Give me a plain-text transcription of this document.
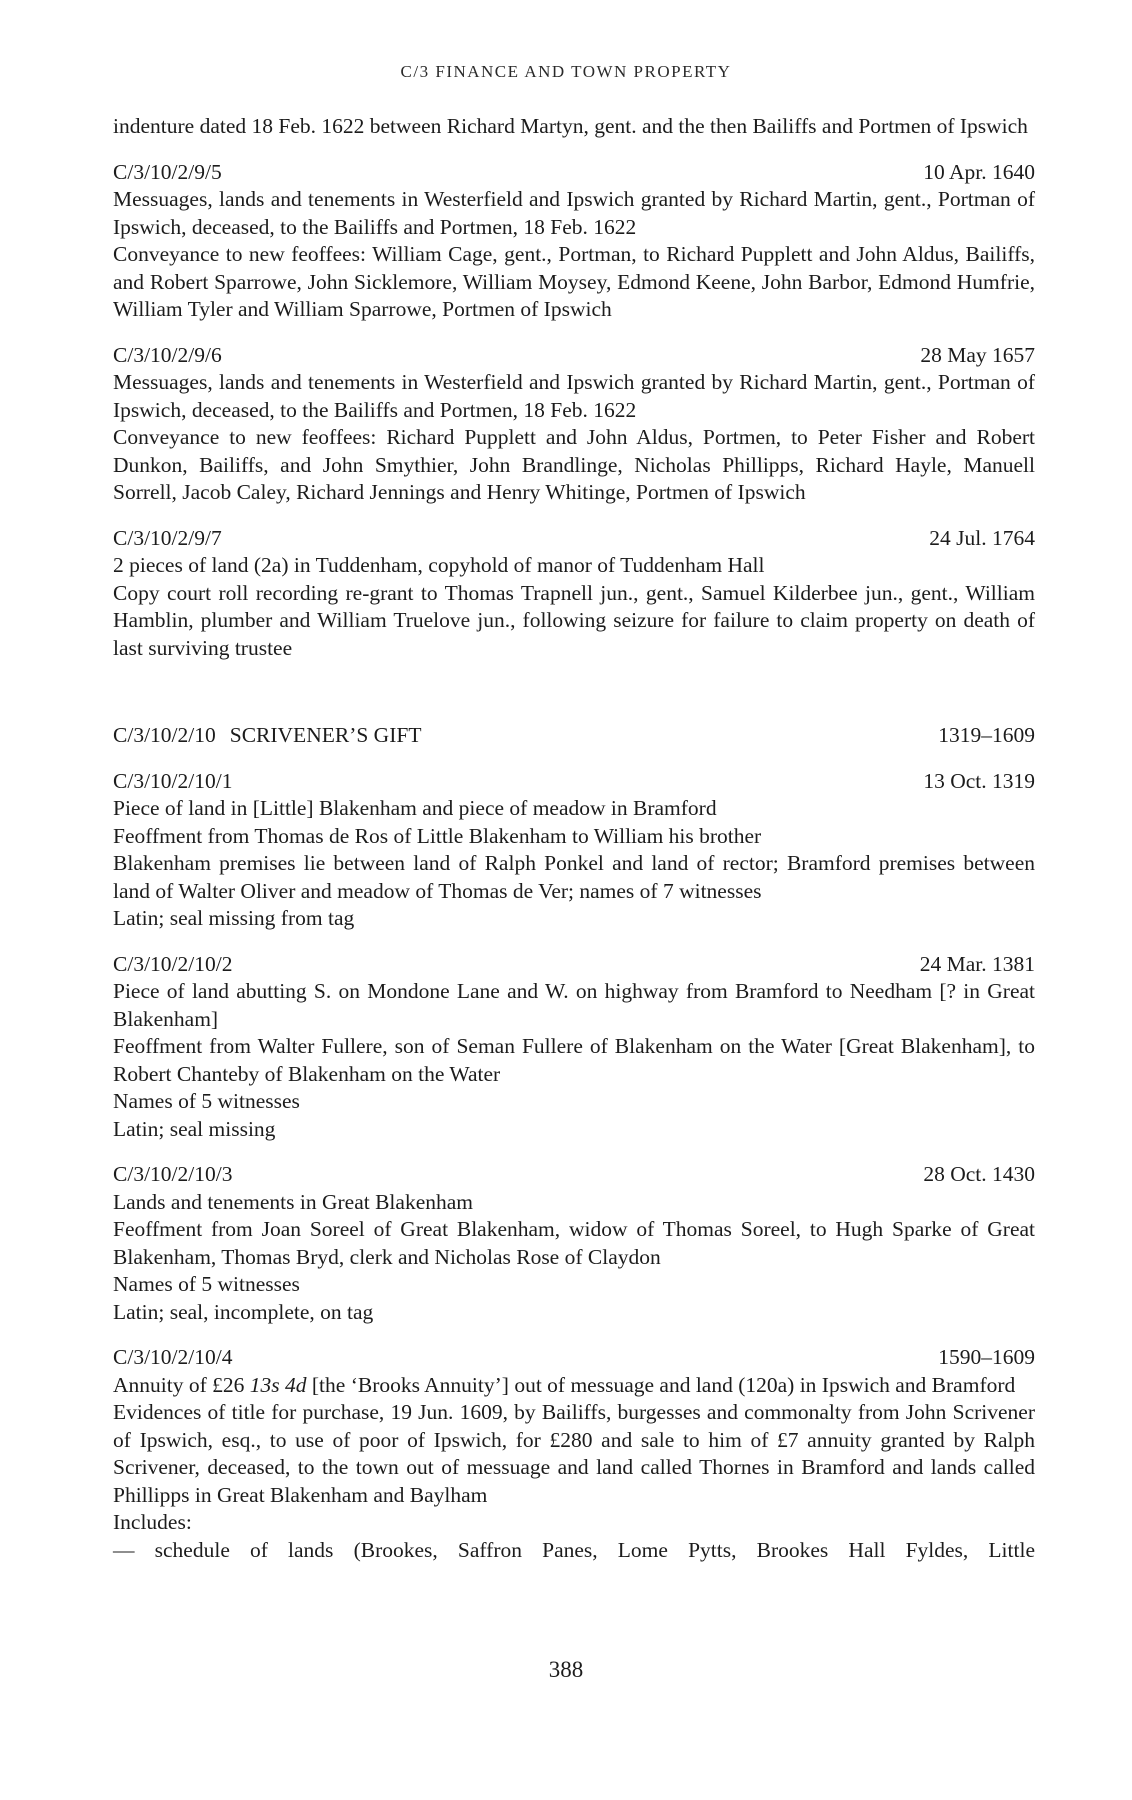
C/3 FINANCE AND TOWN PROPERTY

indenture dated 18 Feb. 1622 between Richard Martyn, gent. and the then Bailiffs and Portmen of Ipswich

C/3/10/2/9/5	10 Apr. 1640

Messuages, lands and tenements in Westerfield and Ipswich granted by Richard Martin, gent., Portman of Ipswich, deceased, to the Bailiffs and Portmen, 18 Feb. 1622

Conveyance to new feoffees: William Cage, gent., Portman, to Richard Pupplett and John Aldus, Bailiffs, and Robert Sparrowe, John Sicklemore, William Moysey, Edmond Keene, John Barbor, Edmond Humfrie, William Tyler and William Sparrowe, Portmen of Ipswich

C/3/10/2/9/6	28 May 1657

Messuages, lands and tenements in Westerfield and Ipswich granted by Richard Martin, gent., Portman of Ipswich, deceased, to the Bailiffs and Portmen, 18 Feb. 1622

Conveyance to new feoffees: Richard Pupplett and John Aldus, Portmen, to Peter Fisher and Robert Dunkon, Bailiffs, and John Smythier, John Brandlinge, Nicholas Phillipps, Richard Hayle, Manuell Sorrell, Jacob Caley, Richard Jennings and Henry Whitinge, Portmen of Ipswich

C/3/10/2/9/7	24 Jul. 1764

2 pieces of land (2a) in Tuddenham, copyhold of manor of Tuddenham Hall

Copy court roll recording re-grant to Thomas Trapnell jun., gent., Samuel Kilderbee jun., gent., William Hamblin, plumber and William Truelove jun., following seizure for failure to claim property on death of last surviving trustee

C/3/10/2/10 SCRIVENER’S GIFT	1319–1609
C/3/10/2/10/1	13 Oct. 1319

Piece of land in [Little] Blakenham and piece of meadow in Bramford

Feoffment from Thomas de Ros of Little Blakenham to William his brother

Blakenham premises lie between land of Ralph Ponkel and land of rector; Bramford premises between land of Walter Oliver and meadow of Thomas de Ver; names of 7 witnesses

Latin; seal missing from tag

C/3/10/2/10/2	24 Mar. 1381

Piece of land abutting S. on Mondone Lane and W. on highway from Bramford to Needham [? in Great Blakenham]

Feoffment from Walter Fullere, son of Seman Fullere of Blakenham on the Water [Great Blakenham], to Robert Chanteby of Blakenham on the Water

Names of 5 witnesses

Latin; seal missing

C/3/10/2/10/3	28 Oct. 1430

Lands and tenements in Great Blakenham

Feoffment from Joan Soreel of Great Blakenham, widow of Thomas Soreel, to Hugh Sparke of Great Blakenham, Thomas Bryd, clerk and Nicholas Rose of Claydon

Names of 5 witnesses

Latin; seal, incomplete, on tag

C/3/10/2/10/4	1590–1609

Annuity of £26 13s 4d [the ‘Brooks Annuity’] out of messuage and land (120a) in Ipswich and Bramford

Evidences of title for purchase, 19 Jun. 1609, by Bailiffs, burgesses and commonalty from John Scrivener of Ipswich, esq., to use of poor of Ipswich, for £280 and sale to him of £7 annuity granted by Ralph Scrivener, deceased, to the town out of messuage and land called Thornes in Bramford and lands called Phillipps in Great Blakenham and Baylham

Includes:

— schedule of lands (Brookes, Saffron Panes, Lome Pytts, Brookes Hall Fyldes, Little

388
